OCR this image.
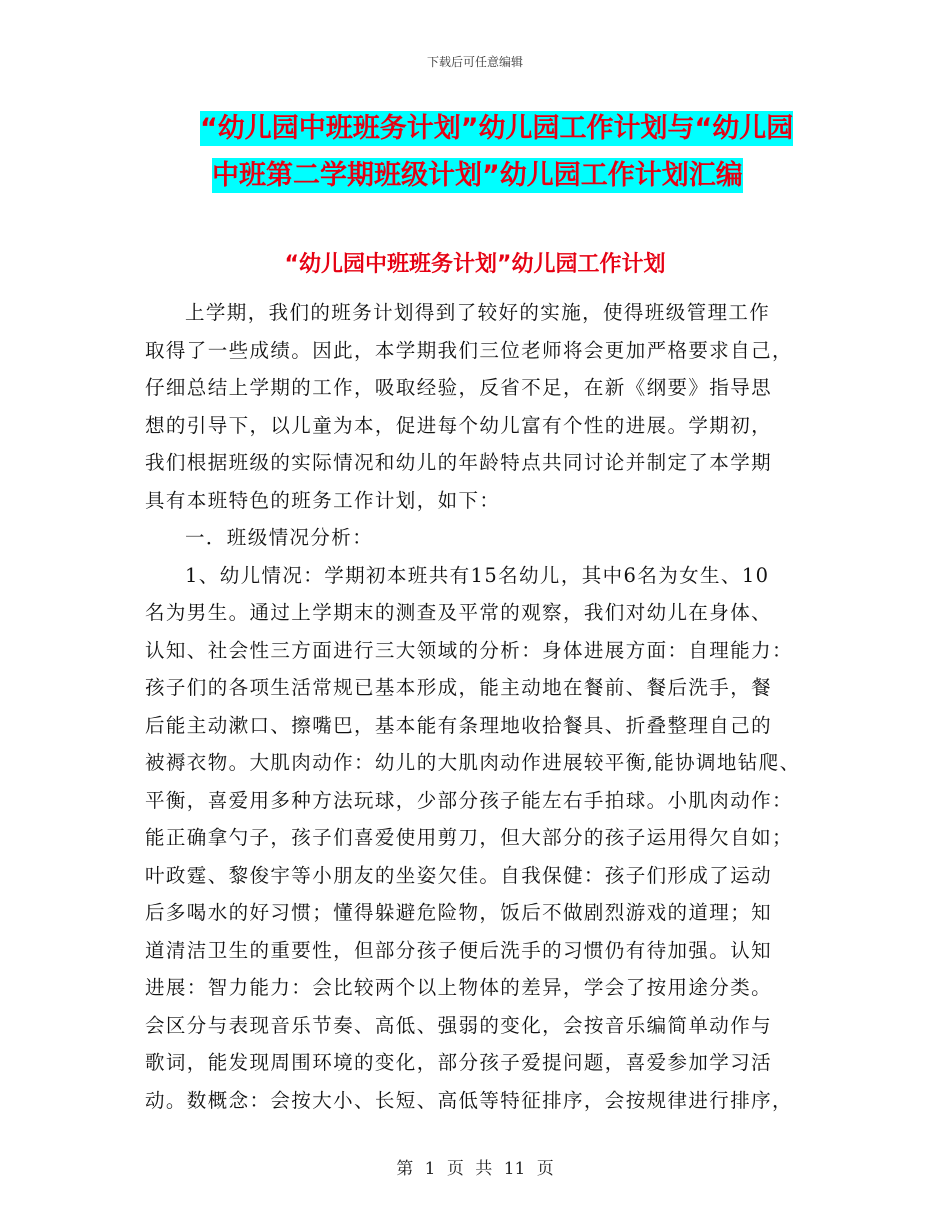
下载后可任意编辑
“幼儿园中班班务计划”幼儿园工作计划与“幼儿园
中班第二学期班级计划”幼儿园工作计划汇编
“幼儿园中班班务计划”幼儿园工作计划
上学期，我们的班务计划得到了较好的实施，使得班级管理工作
取得了一些成绩。因此，本学期我们三位老师将会更加严格要求自己，
仔细总结上学期的工作，吸取经验，反省不足，在新《纲要》指导思
想的引导下，以儿童为本，促进每个幼儿富有个性的进展。学期初，
我们根据班级的实际情况和幼儿的年龄特点共同讨论并制定了本学期
具有本班特色的班务工作计划，如下：
一．班级情况分析：
1、幼儿情况：学期初本班共有15名幼儿，其中6名为女生、10
名为男生。通过上学期末的测查及平常的观察，我们对幼儿在身体、
认知、社会性三方面进行三大领域的分析：身体进展方面：自理能力：
孩子们的各项生活常规已基本形成，能主动地在餐前、餐后洗手，餐
后能主动漱口、擦嘴巴，基本能有条理地收拾餐具、折叠整理自己的
被褥衣物。大肌肉动作：幼儿的大肌肉动作进展较平衡,能协调地钻爬、
平衡，喜爱用多种方法玩球，少部分孩子能左右手拍球。小肌肉动作：
能正确拿勺子，孩子们喜爱使用剪刀，但大部分的孩子运用得欠自如；
叶政霆、黎俊宇等小朋友的坐姿欠佳。自我保健：孩子们形成了运动
后多喝水的好习惯；懂得躲避危险物，饭后不做剧烈游戏的道理；知
道清洁卫生的重要性，但部分孩子便后洗手的习惯仍有待加强。认知
进展：智力能力：会比较两个以上物体的差异，学会了按用途分类。
会区分与表现音乐节奏、高低、强弱的变化，会按音乐编简单动作与
歌词，能发现周围环境的变化，部分孩子爱提问题，喜爱参加学习活
动。数概念：会按大小、长短、高低等特征排序，会按规律进行排序，
第 1 页 共 11 页
